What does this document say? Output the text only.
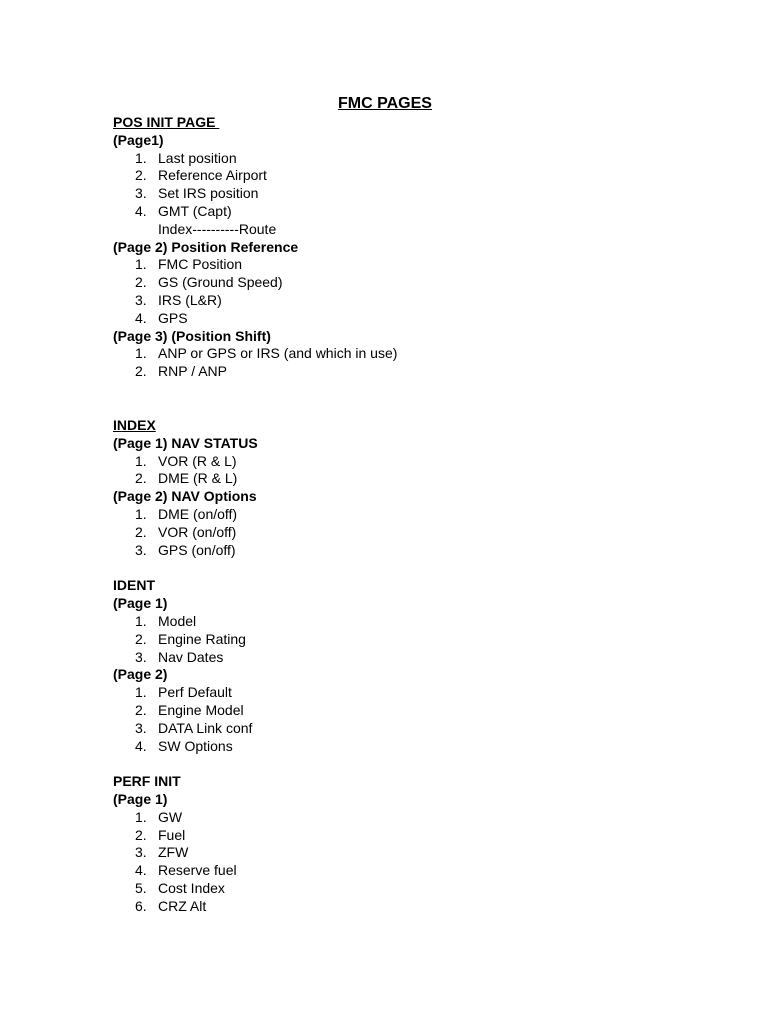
FMC PAGES
POS INIT PAGE
(Page1)
1. Last position
2. Reference Airport
3. Set IRS position
4. GMT (Capt)
Index----------Route
(Page 2) Position Reference
1. FMC Position
2. GS (Ground Speed)
3. IRS (L&R)
4. GPS
(Page 3) (Position Shift)
1. ANP or GPS or IRS (and which in use)
2. RNP / ANP
INDEX
(Page 1) NAV STATUS
1. VOR (R & L)
2. DME (R & L)
(Page 2) NAV Options
1. DME (on/off)
2. VOR (on/off)
3. GPS (on/off)
IDENT
(Page 1)
1. Model
2. Engine Rating
3. Nav Dates
(Page 2)
1. Perf Default
2. Engine Model
3. DATA Link conf
4. SW Options
PERF INIT
(Page 1)
1. GW
2. Fuel
3. ZFW
4. Reserve fuel
5. Cost Index
6. CRZ Alt
